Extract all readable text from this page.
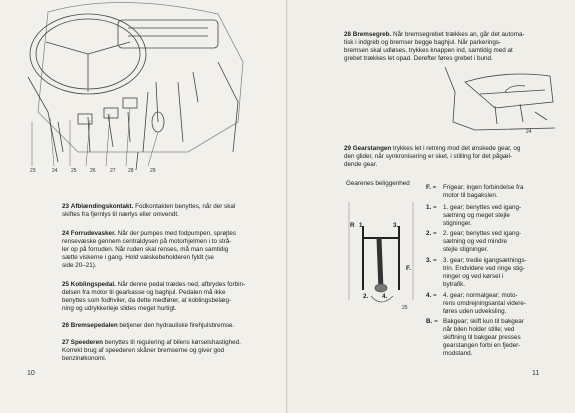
23	24	25	26	27 28	29
23 Afblændingskontakt. Fodkontakten benyttes, når der skal
skiftes fra fjernlys til nærlys eller omvendt.
24 Forrudevasker. Når der pumpes med fodpumpen, sprøjtes
rensevæske gennem centraldysen på motorhjelmen i to strå-
ler op på forruden. Når ruden skal renses, må man samtidig
sætte viskerne i gang. Hold væskebeholderen fyldt (se
side 20–21).
25 Koblingspedal. Når denne pedal trædes ned, afbrydes forbin-
delsen fra motor til gearkasse og baghjul. Pedalen må ikke
benyttes som fodhviler, da dette medfører, at koblingsbelæg-
ning og udrykkerleje slides meget hurtigt.
26 Bremsepedalen betjener den hydrauliske firehjulsbremse.
27 Speederen benyttes til regulering af bilens kørselshastighed.
Korrekt brug af speederen skåner bremserne og giver god
benzinøkonomi.
10
28 Bremsegreb. Når bremsegrebet trækkes an, går det automa-
tisk i indgreb og bremser begge baghjul. Når parkerings-
bremsen skal udløses, trykkes knappen ind, samtidig med at
grebet trækkes let opad. Derefter føres grebet i bund.
24
29 Gearstangen trykkes let i retning mod det ønskede gear, og
den glider, når synkronisering er sket, i stilling for det pågæl-
dende gear.
Gearenes beliggenhed
R 1.	3.
F.
2. 4.
25
F. = Frigear; ingen forbindelse fra
motor til bagakslen.
1. = 1. gear; benyttes ved igang-
sætning og meget stejle
stigninger.
2. = 2. gear; benyttes ved igang-
sætning og ved mindre
stejle stigninger.
3. = 3. gear; tredie igangsætnings-
trin. Endvidere ved ringe stig-
ninger og ved kørsel i
bytrafik.
4. = 4. gear; normalgear; moto-
rens omdrejningsantal videre-
føres uden udveksling.
B. = Bakgear; skift kun til bakgear
når bilen holder stille; ved
skiftning til bakgear presses
gearstangen forbi en fjeder-
modstand.
11
